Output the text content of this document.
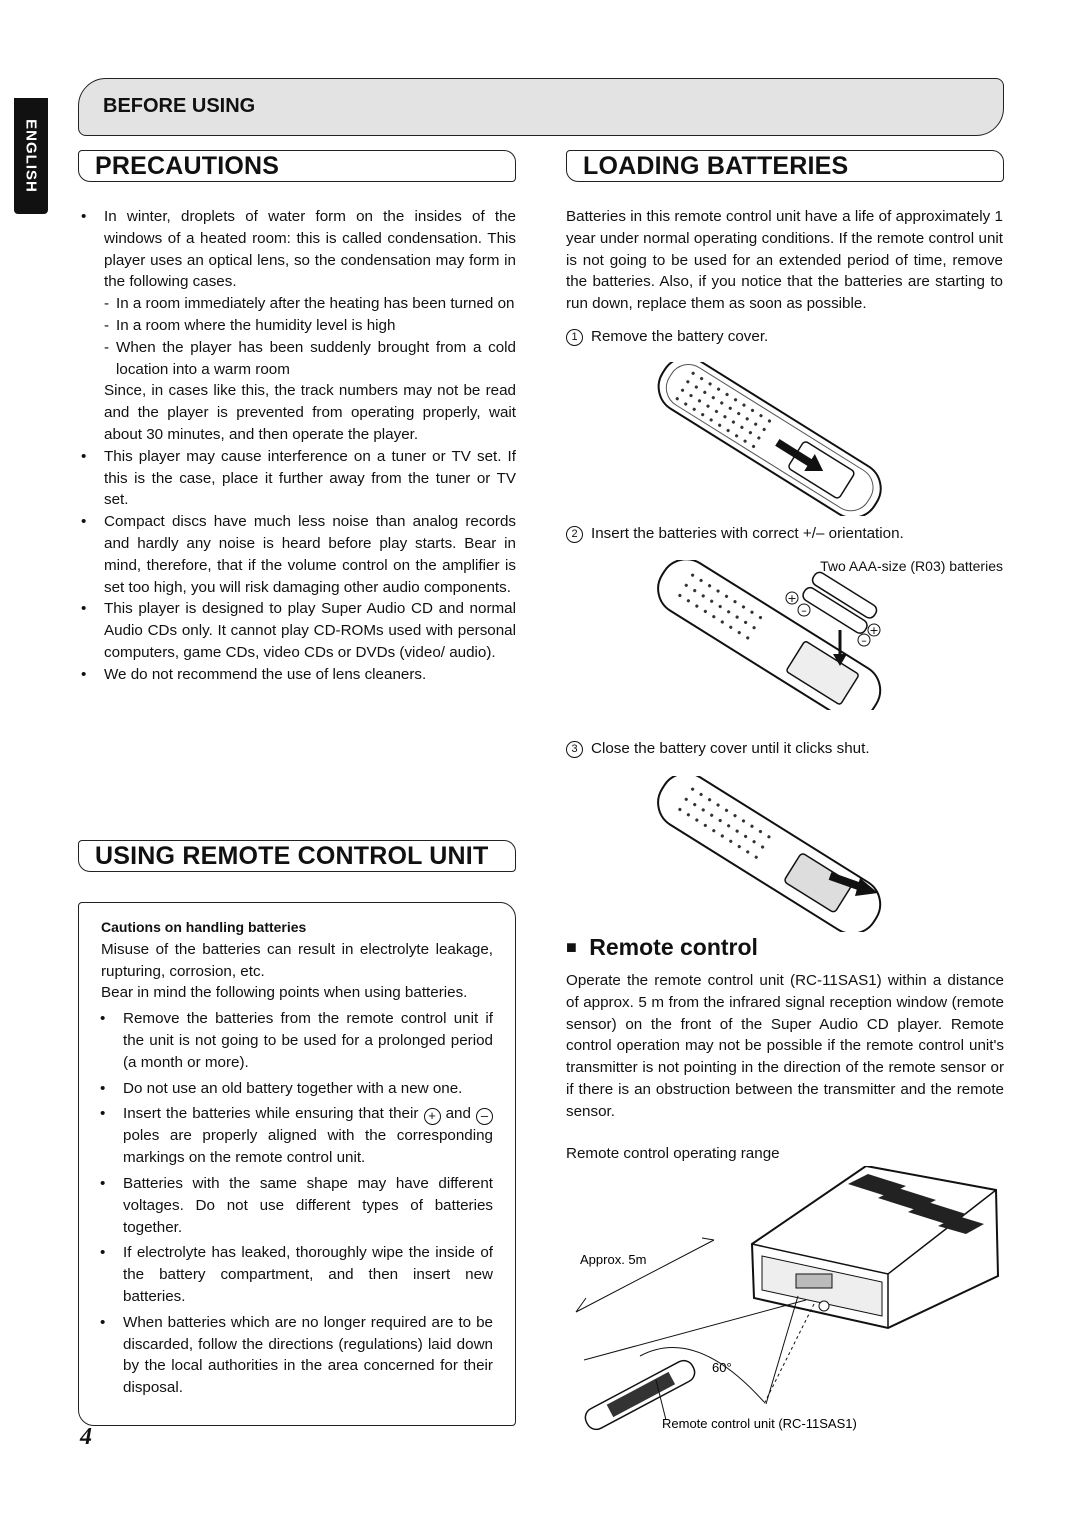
ENGLISH
BEFORE USING
PRECAUTIONS
• In winter, droplets of water form on the insides of the windows of a heated room: this is called condensation. This player uses an optical lens, so the condensation may form in the following cases.
- In a room immediately after the heating has been turned on
- In a room where the humidity level is high
- When the player has been suddenly brought from a cold location into a warm room
Since, in cases like this, the track numbers may not be read and the player is prevented from operating properly, wait about 30 minutes, and then operate the player.
• This player may cause interference on a tuner or TV set. If this is the case, place it further away from the tuner or TV set.
• Compact discs have much less noise than analog records and hardly any noise is heard before play starts. Bear in mind, therefore, that if the volume control on the amplifier is set too high, you will risk damaging other audio components.
• This player is designed to play Super Audio CD and normal Audio CDs only. It cannot play CD-ROMs used with personal computers, game CDs, video CDs or DVDs (video/ audio).
• We do not recommend the use of lens cleaners.
USING REMOTE CONTROL UNIT
Cautions on handling batteries
Misuse of the batteries can result in electrolyte leakage, rupturing, corrosion, etc.
Bear in mind the following points when using batteries.
• Remove the batteries from the remote control unit if the unit is not going to be used for a prolonged period (a month or more).
• Do not use an old battery together with a new one.
• Insert the batteries while ensuring that their + and – poles are properly aligned with the corresponding markings on the remote control unit.
• Batteries with the same shape may have different voltages. Do not use different types of batteries together.
• If electrolyte has leaked, thoroughly wipe the inside of the battery compartment, and then insert new batteries.
• When batteries which are no longer required are to be discarded, follow the directions (regulations) laid down by the local authorities in the area concerned for their disposal.
LOADING BATTERIES
Batteries in this remote control unit have a life of approximately 1 year under normal operating conditions. If the remote control unit is not going to be used for an extended period of time, remove the batteries. Also, if you notice that the batteries are starting to run down, replace them as soon as possible.
1 Remove the battery cover.
2 Insert the batteries with correct +/– orientation.
Two AAA-size (R03) batteries
+
+
–
–
3 Close the battery cover until it clicks shut.
■ Remote control
Operate the remote control unit (RC-11SAS1) within a distance of approx. 5 m from the infrared signal reception window (remote sensor) on the front of the Super Audio CD player. Remote control operation may not be possible if the remote control unit's transmitter is not pointing in the direction of the remote sensor or if there is an obstruction between the transmitter and the remote sensor.
Remote control operating range
Approx. 5m
60°
Remote control unit (RC-11SAS1)
4
